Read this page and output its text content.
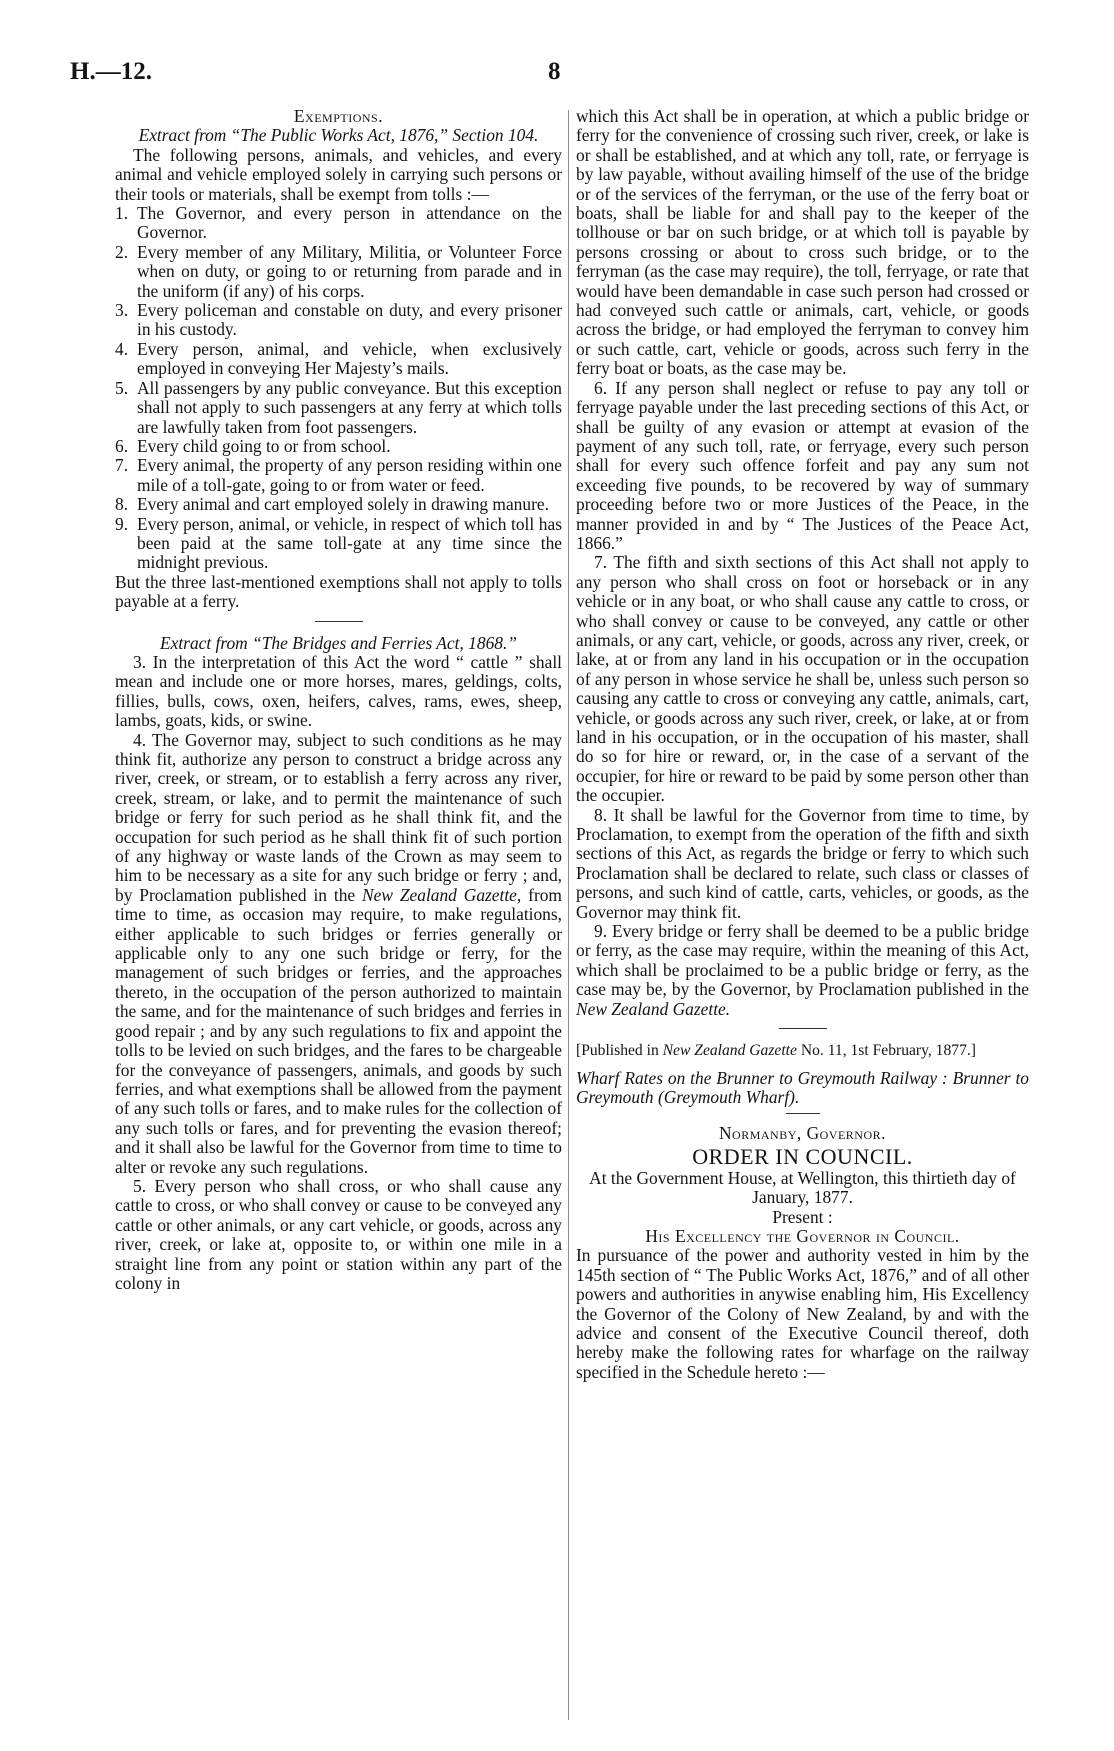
H.—12.	8

Exemptions.

Extract from “The Public Works Act, 1876,” Section 104.

The following persons, animals, and vehicles, and every animal and vehicle employed solely in carrying such persons or their tools or materials, shall be exempt from tolls :—

1. The Governor, and every person in attendance on the Governor.
2. Every member of any Military, Militia, or Volunteer Force when on duty, or going to or returning from parade and in the uniform (if any) of his corps.
3. Every policeman and constable on duty, and every prisoner in his custody.
4. Every person, animal, and vehicle, when exclusively employed in conveying Her Majesty’s mails.
5. All passengers by any public conveyance. But this exception shall not apply to such passengers at any ferry at which tolls are lawfully taken from foot passengers.
6. Every child going to or from school.
7. Every animal, the property of any person residing within one mile of a toll-gate, going to or from water or feed.
8. Every animal and cart employed solely in drawing manure.
9. Every person, animal, or vehicle, in respect of which toll has been paid at the same toll-gate at any time since the midnight previous.

But the three last-mentioned exemptions shall not apply to tolls payable at a ferry.

Extract from “The Bridges and Ferries Act, 1868.”

3. In the interpretation of this Act the word “ cattle ” shall mean and include one or more horses, mares, geldings, colts, fillies, bulls, cows, oxen, heifers, calves, rams, ewes, sheep, lambs, goats, kids, or swine.

4. The Governor may, subject to such conditions as he may think fit, authorize any person to construct a bridge across any river, creek, or stream, or to establish a ferry across any river, creek, stream, or lake, and to permit the maintenance of such bridge or ferry for such period as he shall think fit, and the occupation for such period as he shall think fit of such portion of any highway or waste lands of the Crown as may seem to him to be necessary as a site for any such bridge or ferry ; and, by Proclamation published in the New Zealand Gazette, from time to time, as occasion may require, to make regulations, either applicable to such bridges or ferries generally or applicable only to any one such bridge or ferry, for the management of such bridges or ferries, and the approaches thereto, in the occupation of the person authorized to maintain the same, and for the maintenance of such bridges and ferries in good repair ; and by any such regulations to fix and appoint the tolls to be levied on such bridges, and the fares to be chargeable for the conveyance of passengers, animals, and goods by such ferries, and what exemptions shall be allowed from the payment of any such tolls or fares, and to make rules for the collection of any such tolls or fares, and for preventing the evasion thereof; and it shall also be lawful for the Governor from time to time to alter or revoke any such regulations.

5. Every person who shall cross, or who shall cause any cattle to cross, or who shall convey or cause to be conveyed any cattle or other animals, or any cart vehicle, or goods, across any river, creek, or lake at, opposite to, or within one mile in a straight line from any point or station within any part of the colony in

which this Act shall be in operation, at which a public bridge or ferry for the convenience of crossing such river, creek, or lake is or shall be established, and at which any toll, rate, or ferryage is by law payable, without availing himself of the use of the bridge or of the services of the ferryman, or the use of the ferry boat or boats, shall be liable for and shall pay to the keeper of the tollhouse or bar on such bridge, or at which toll is payable by persons crossing or about to cross such bridge, or to the ferryman (as the case may require), the toll, ferryage, or rate that would have been demandable in case such person had crossed or had conveyed such cattle or animals, cart, vehicle, or goods across the bridge, or had employed the ferryman to convey him or such cattle, cart, vehicle or goods, across such ferry in the ferry boat or boats, as the case may be.

6. If any person shall neglect or refuse to pay any toll or ferryage payable under the last preceding sections of this Act, or shall be guilty of any evasion or attempt at evasion of the payment of any such toll, rate, or ferryage, every such person shall for every such offence forfeit and pay any sum not exceeding five pounds, to be recovered by way of summary proceeding before two or more Justices of the Peace, in the manner provided in and by “ The Justices of the Peace Act, 1866.”

7. The fifth and sixth sections of this Act shall not apply to any person who shall cross on foot or horseback or in any vehicle or in any boat, or who shall cause any cattle to cross, or who shall convey or cause to be conveyed, any cattle or other animals, or any cart, vehicle, or goods, across any river, creek, or lake, at or from any land in his occupation or in the occupation of any person in whose service he shall be, unless such person so causing any cattle to cross or conveying any cattle, animals, cart, vehicle, or goods across any such river, creek, or lake, at or from land in his occupation, or in the occupation of his master, shall do so for hire or reward, or, in the case of a servant of the occupier, for hire or reward to be paid by some person other than the occupier.

8. It shall be lawful for the Governor from time to time, by Proclamation, to exempt from the operation of the fifth and sixth sections of this Act, as regards the bridge or ferry to which such Proclamation shall be declared to relate, such class or classes of persons, and such kind of cattle, carts, vehicles, or goods, as the Governor may think fit.

9. Every bridge or ferry shall be deemed to be a public bridge or ferry, as the case may require, within the meaning of this Act, which shall be proclaimed to be a public bridge or ferry, as the case may be, by the Governor, by Proclamation published in the New Zealand Gazette.

[Published in New Zealand Gazette No. 11, 1st February, 1877.]

Wharf Rates on the Brunner to Greymouth Railway : Brunner to Greymouth (Greymouth Wharf).

Normanby, Governor.

ORDER IN COUNCIL.

At the Government House, at Wellington, this thirtieth day of January, 1877.

Present :

His Excellency the Governor in Council.

In pursuance of the power and authority vested in him by the 145th section of “ The Public Works Act, 1876,” and of all other powers and authorities in anywise enabling him, His Excellency the Governor of the Colony of New Zealand, by and with the advice and consent of the Executive Council thereof, doth hereby make the following rates for wharfage on the railway specified in the Schedule hereto :—
